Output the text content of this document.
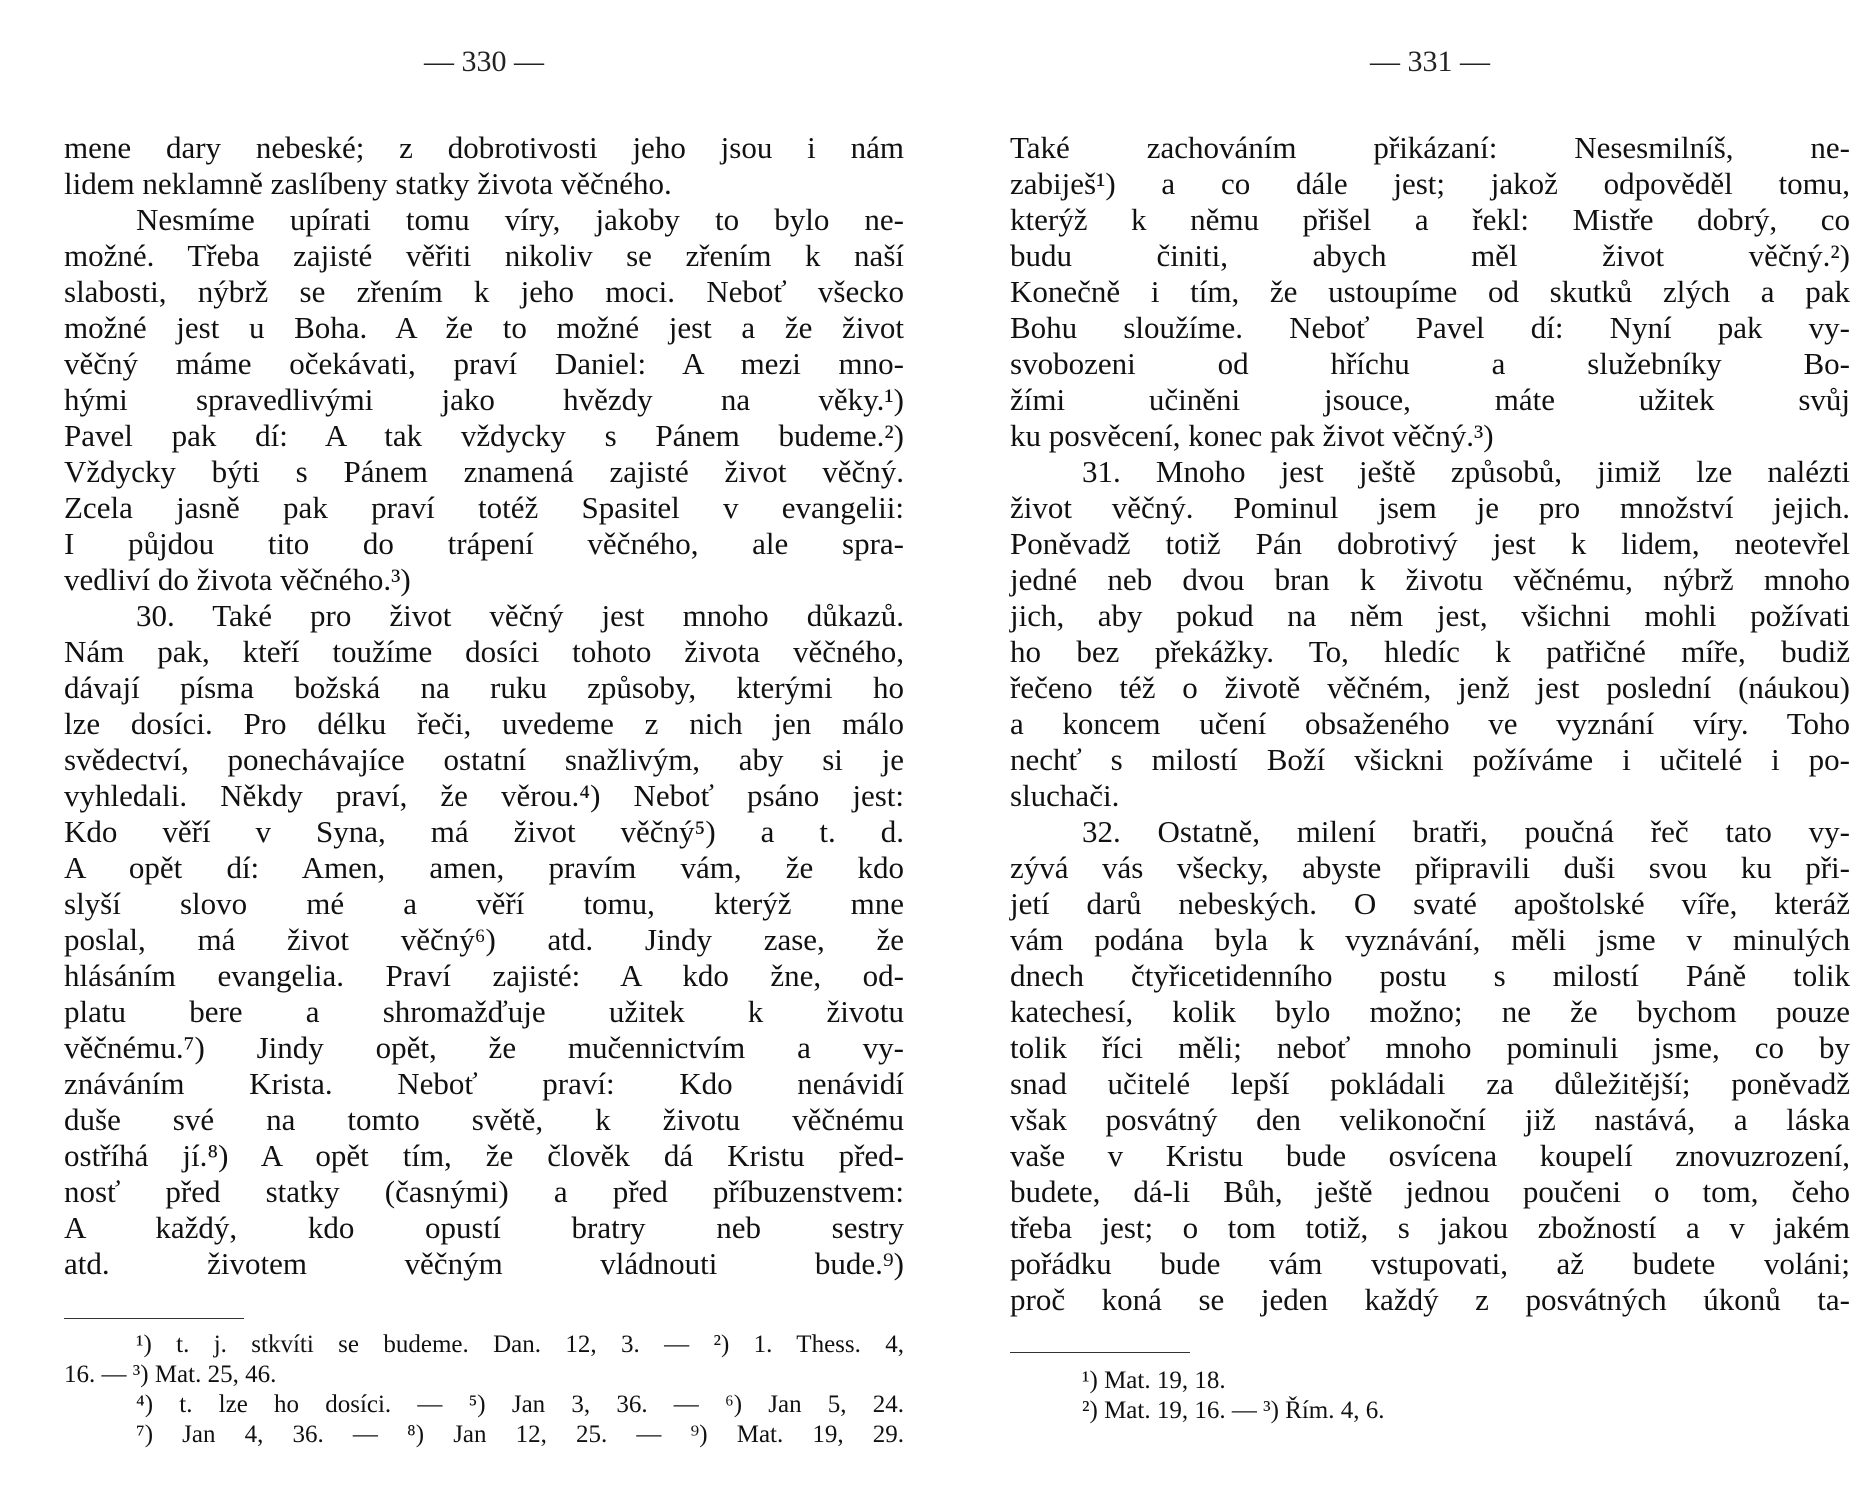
— 330 —
mene dary nebeské; z dobrotivosti jeho jsou i nám
lidem neklamně zaslíbeny statky života věčného.
Nesmíme upírati tomu víry, jakoby to bylo ne-
možné. Třeba zajisté věřiti nikoliv se zřením k naší
slabosti, nýbrž se zřením k jeho moci. Neboť všecko
možné jest u Boha. A že to možné jest a že život
věčný máme očekávati, praví Daniel: A mezi mno-
hými spravedlivými jako hvězdy na věky.¹)
Pavel pak dí: A tak vždycky s Pánem budeme.²)
Vždycky býti s Pánem znamená zajisté život věčný.
Zcela jasně pak praví totéž Spasitel v evangelii:
I půjdou tito do trápení věčného, ale spra-
vedliví do života věčného.³)
30. Také pro život věčný jest mnoho důkazů.
Nám pak, kteří toužíme dosíci tohoto života věčného,
dávají písma božská na ruku způsoby, kterými ho
lze dosíci. Pro délku řeči, uvedeme z nich jen málo
svědectví, ponechávajíce ostatní snažlivým, aby si je
vyhledali. Někdy praví, že věrou.⁴) Neboť psáno jest:
Kdo věří v Syna, má život věčný⁵) a t. d.
A opět dí: Amen, amen, pravím vám, že kdo
slyší slovo mé a věří tomu, kterýž mne
poslal, má život věčný⁶) atd. Jindy zase, že
hlásáním evangelia. Praví zajisté: A kdo žne, od-
platu bere a shromažďuje užitek k životu
věčnému.⁷) Jindy opět, že mučennictvím a vy-
znáváním Krista. Neboť praví: Kdo nenávidí
duše své na tomto světě, k životu věčnému
ostříhá jí.⁸) A opět tím, že člověk dá Kristu před-
nosť před statky (časnými) a před příbuzenstvem:
A každý, kdo opustí bratry neb sestry
atd. životem věčným vládnouti bude.⁹)
¹) t. j. stkvíti se budeme. Dan. 12, 3. — ²) 1. Thess. 4,
16. — ³) Mat. 25, 46.
⁴) t. lze ho dosíci. — ⁵) Jan 3, 36. — ⁶) Jan 5, 24.
⁷) Jan 4, 36. — ⁸) Jan 12, 25. — ⁹) Mat. 19, 29.
— 331 —
Také zachováním přikázaní: Nesesmilníš, ne-
zabiješ¹) a co dále jest; jakož odpověděl tomu,
kterýž k němu přišel a řekl: Mistře dobrý, co
budu činiti, abych měl život věčný.²)
Konečně i tím, že ustoupíme od skutků zlých a pak
Bohu sloužíme. Neboť Pavel dí: Nyní pak vy-
svobozeni od hříchu a služebníky Bo-
žími učiněni jsouce, máte užitek svůj
ku posvěcení, konec pak život věčný.³)
31. Mnoho jest ještě způsobů, jimiž lze nalézti
život věčný. Pominul jsem je pro množství jejich.
Poněvadž totiž Pán dobrotivý jest k lidem, neotevřel
jedné neb dvou bran k životu věčnému, nýbrž mnoho
jich, aby pokud na něm jest, všichni mohli požívati
ho bez překážky. To, hledíc k patřičné míře, budiž
řečeno též o životě věčném, jenž jest poslední (náukou)
a koncem učení obsaženého ve vyznání víry. Toho
nechť s milostí Boží všickni požíváme i učitelé i po-
sluchači.
32. Ostatně, milení bratři, poučná řeč tato vy-
zývá vás všecky, abyste připravili duši svou ku při-
jetí darů nebeských. O svaté apoštolské víře, kteráž
vám podána byla k vyznávání, měli jsme v minulých
dnech čtyřicetidenního postu s milostí Páně tolik
katechesí, kolik bylo možno; ne že bychom pouze
tolik říci měli; neboť mnoho pominuli jsme, co by
snad učitelé lepší pokládali za důležitější; poněvadž
však posvátný den velikonoční již nastává, a láska
vaše v Kristu bude osvícena koupelí znovuzrození,
budete, dá-li Bůh, ještě jednou poučeni o tom, čeho
třeba jest; o tom totiž, s jakou zbožností a v jakém
pořádku bude vám vstupovati, až budete voláni;
proč koná se jeden každý z posvátných úkonů ta-
¹) Mat. 19, 18.
²) Mat. 19, 16. — ³) Řím. 4, 6.
